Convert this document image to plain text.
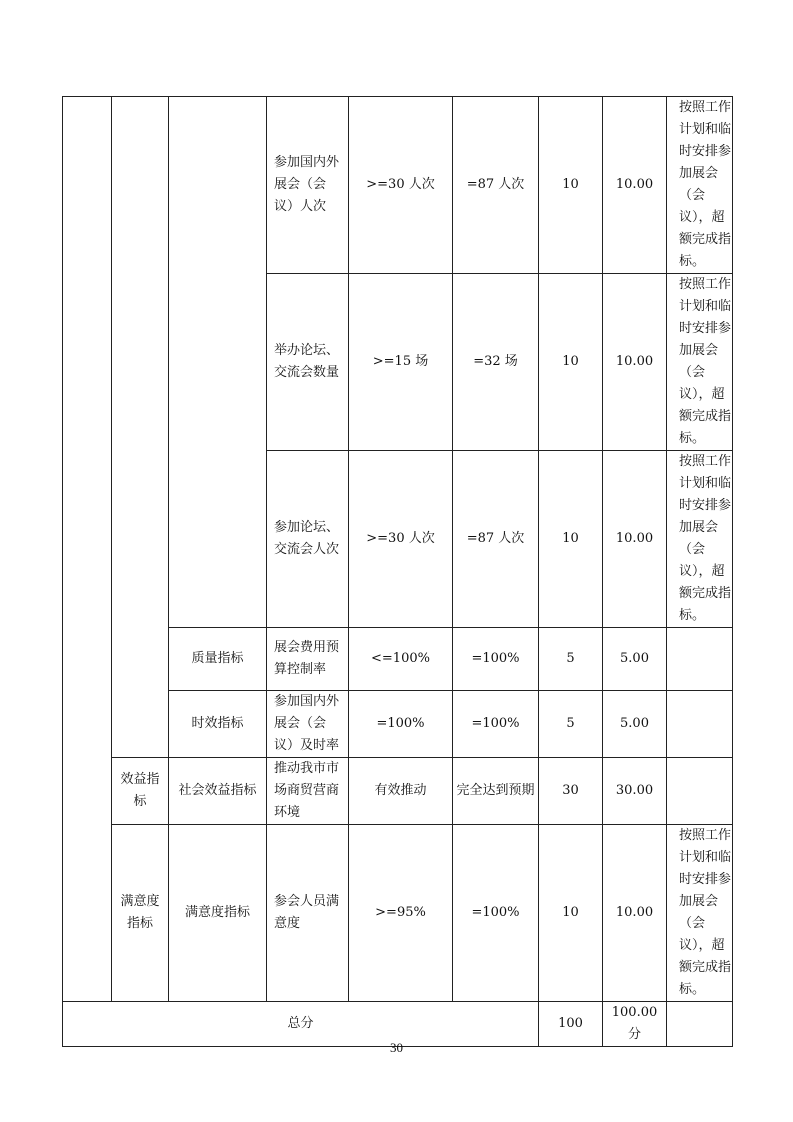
			参加国内外展会（会议）人次	>=30 人次	=87 人次	10	10.00	按照工作计划和临时安排参加展会（会议），超额完成指标。
			举办论坛、交流会数量	>=15 场	=32 场	10	10.00	按照工作计划和临时安排参加展会（会议），超额完成指标。
			参加论坛、交流会人次	>=30 人次	=87 人次	10	10.00	按照工作计划和临时安排参加展会（会议），超额完成指标。
		质量指标	展会费用预算控制率	<=100%	=100%	5	5.00	
		时效指标	参加国内外展会（会议）及时率	=100%	=100%	5	5.00	
	效益指标	社会效益指标	推动我市市场商贸营商环境	有效推动	完全达到预期	30	30.00	
	满意度指标	满意度指标	参会人员满意度	>=95%	=100%	10	10.00	按照工作计划和临时安排参加展会（会议），超额完成指标。
总分						100	100.00分	
30
